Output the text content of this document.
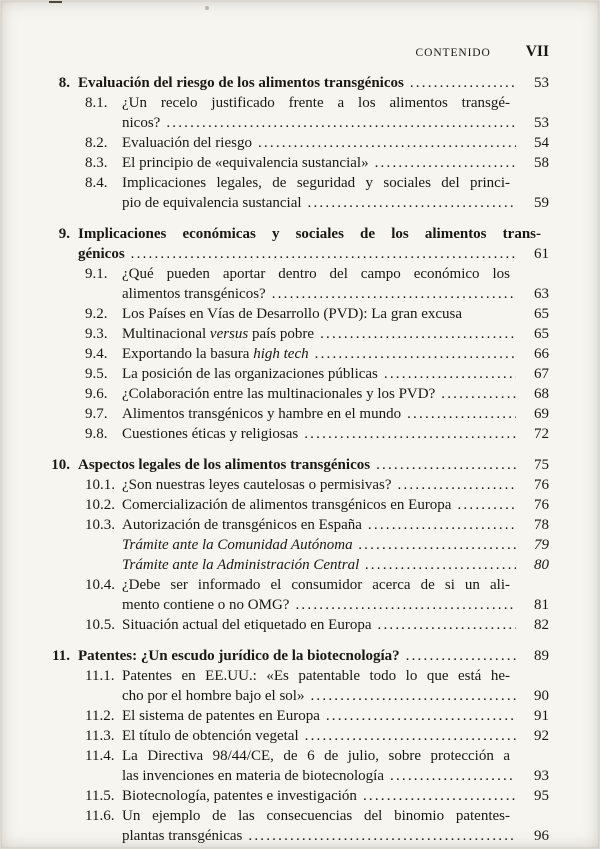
CONTENIDO VII
8. Evaluación del riesgo de los alimentos transgénicos .....	53
8.1. ¿Un recelo justificado frente a los alimentos transgé-
nicos? .....	53
8.2. Evaluación del riesgo .....	54
8.3. El principio de «equivalencia sustancial» .....	58
8.4. Implicaciones legales, de seguridad y sociales del princi-
pio de equivalencia sustancial .....	59
9. Implicaciones económicas y sociales de los alimentos trans-
génicos .....	61
9.1. ¿Qué pueden aportar dentro del campo económico los
alimentos transgénicos? .....	63
9.2. Los Países en Vías de Desarrollo (PVD): La gran excusa	65
9.3. Multinacional versus país pobre .....	65
9.4. Exportando la basura high tech .....	66
9.5. La posición de las organizaciones públicas .....	67
9.6. ¿Colaboración entre las multinacionales y los PVD? .....	68
9.7. Alimentos transgénicos y hambre en el mundo .....	69
9.8. Cuestiones éticas y religiosas .....	72
10. Aspectos legales de los alimentos transgénicos .....	75
10.1. ¿Son nuestras leyes cautelosas o permisivas? .....	76
10.2. Comercialización de alimentos transgénicos en Europa .....	76
10.3. Autorización de transgénicos en España .....	78
Trámite ante la Comunidad Autónoma .....	79
Trámite ante la Administración Central .....	80
10.4. ¿Debe ser informado el consumidor acerca de si un ali-
mento contiene o no OMG? .....	81
10.5. Situación actual del etiquetado en Europa .....	82
11. Patentes: ¿Un escudo jurídico de la biotecnología? .....	89
11.1. Patentes en EE.UU.: «Es patentable todo lo que está he-
cho por el hombre bajo el sol» .....	90
11.2. El sistema de patentes en Europa .....	91
11.3. El título de obtención vegetal .....	92
11.4. La Directiva 98/44/CE, de 6 de julio, sobre protección a
las invenciones en materia de biotecnología .....	93
11.5. Biotecnología, patentes e investigación .....	95
11.6. Un ejemplo de las consecuencias del binomio patentes-
plantas transgénicas .....	96
